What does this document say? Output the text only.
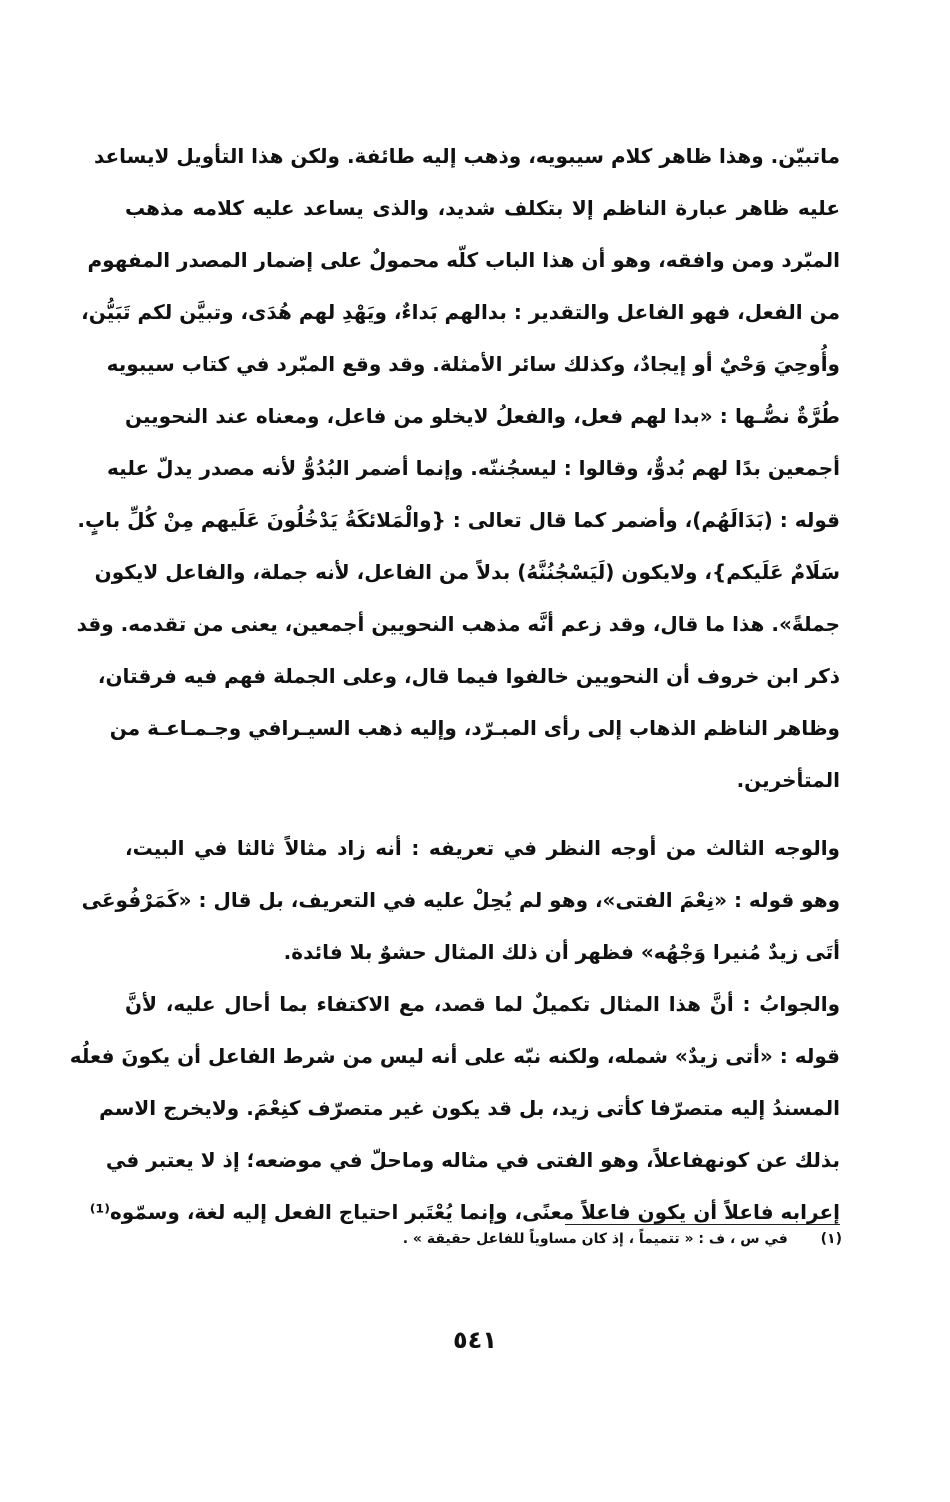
ماتبيّن. وهذا ظاهر كلام سيبويه، وذهب إليه طائفة. ولكن هذا التأويل لايساعد
عليه ظاهر عبارة الناظم إلا بتكلف شديد، والذى يساعد عليه كلامه مذهب
المبّرد ومن وافقه، وهو أن هذا الباب كلّه محمولٌ على إضمار المصدر المفهوم
من الفعل، فهو الفاعل والتقدير : بدالهم بَداءٌ، ويَهْدِ لهم هُدَى، وتبيَّن لكم تَبَيُّن،
وأُوحِيَ وَحْيٌ أو إيجادٌ، وكذلك سائر الأمثلة. وقد وقع المبّرد في كتاب سيبويه
طُرَّةٌ نصُّـها : «بدا لهم فعل، والفعلُ لايخلو من فاعل، ومعناه عند النحويين
أجمعين بدًا لهم بُدوٌّ، وقالوا : ليسجُننّه. وإنما أضمر البُدُوُّ لأنه مصدر يدلّ عليه
قوله : (بَدَالَهُم)، وأضمر كما قال تعالى : {والْمَلائكَةُ يَدْخُلُونَ عَلَيهم مِنْ كُلِّ بابٍ.
سَلَامٌ عَلَيكم}، ولايكون (لَيَسْجُنُنَّهُ) بدلاً من الفاعل، لأنه جملة، والفاعل لايكون
جملةً». هذا ما قال، وقد زعم أنَّه مذهب النحويين أجمعين، يعنى من تقدمه. وقد
ذكر ابن خروف أن النحويين خالفوا فيما قال، وعلى الجملة فهم فيه فرقتان،
وظاهر الناظم الذهاب إلى رأى المبـرّد، وإليه ذهب السيـرافي وجـمـاعـة من
المتأخرين.
والوجه الثالث من أوجه النظر في تعريفه : أنه زاد مثالاً ثالثا في البيت،
وهو قوله : «نِعْمَ الفتى»، وهو لم يُحِلْ عليه في التعريف، بل قال : «كَمَرْفُوعَى
أتَى زيدٌ مُنيرا وَجْهُه» فظهر أن ذلك المثال حشوٌ بلا فائدة.
والجوابُ : أنَّ هذا المثال تكميلٌ لما قصد، مع الاكتفاء بما أحال عليه، لأنَّ
قوله : «أتى زيدٌ» شمله، ولكنه نبّه على أنه ليس من شرط الفاعل أن يكونَ فعلُه
المسندُ إليه متصرّفا كأتى زيد، بل قد يكون غير متصرّف كنِعْمَ. ولايخرج الاسم
بذلك عن كونهفاعلاً، وهو الفتى في مثاله وماحلّ في موضعه؛ إذ لا يعتبر في
إعرابه فاعلاً أن يكون فاعلاً معنًى، وإنما يُعْتَبر احتياج الفعل إليه لغة، وسمّوه⁽¹⁾
(١) في س ، ف : « تتميماً ، إذ كان مساوياً للفاعل حقيقة » .
٥٤١
